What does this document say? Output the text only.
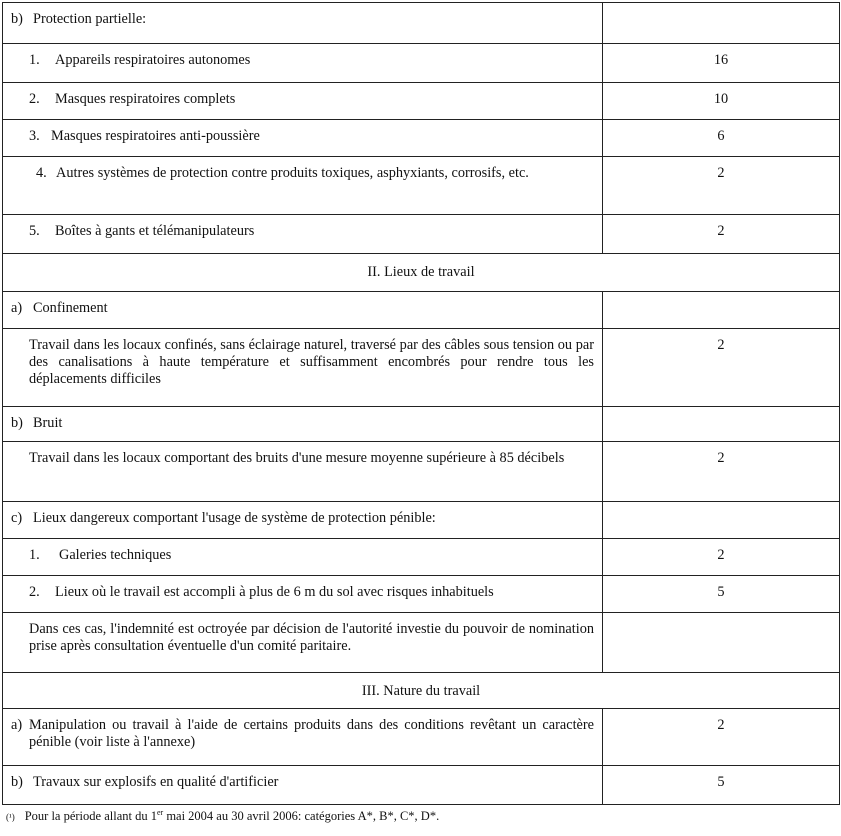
b) Protection partielle:	
1. Appareils respiratoires autonomes	16
2. Masques respiratoires complets	10
3. Masques respiratoires anti-poussière	6

4. Autres systèmes de protection contre produits toxiques, asphyxiants, corrosifs, etc.	2
5. Boîtes à gants et télémanipulateurs	2
II. Lieux de travail	
a) Confinement	
Travail dans les locaux confinés, sans éclairage naturel, traversé par des câbles sous tension ou par des canalisations à haute température et suffisamment encombrés pour rendre tous les déplacements difficiles	2
b) Bruit	
Travail dans les locaux comportant des bruits d'une mesure moyenne supérieure à 85 décibels	2
c) Lieux dangereux comportant l'usage de système de protection pénible:	
1. Galeries techniques	2
2. Lieux où le travail est accompli à plus de 6 m du sol avec risques inhabituels	5
Dans ces cas, l'indemnité est octroyée par décision de l'autorité investie du pouvoir de nomination prise après consultation éventuelle d'un comité paritaire.	
III. Nature du travail	

a) Manipulation ou travail à l'aide de certains produits dans des conditions revêtant un caractère pénible (voir liste à l'annexe)	2
b) Travaux sur explosifs en qualité d'artificier	5
(¹) Pour la période allant du 1er mai 2004 au 30 avril 2006: catégories A*, B*, C*, D*.
